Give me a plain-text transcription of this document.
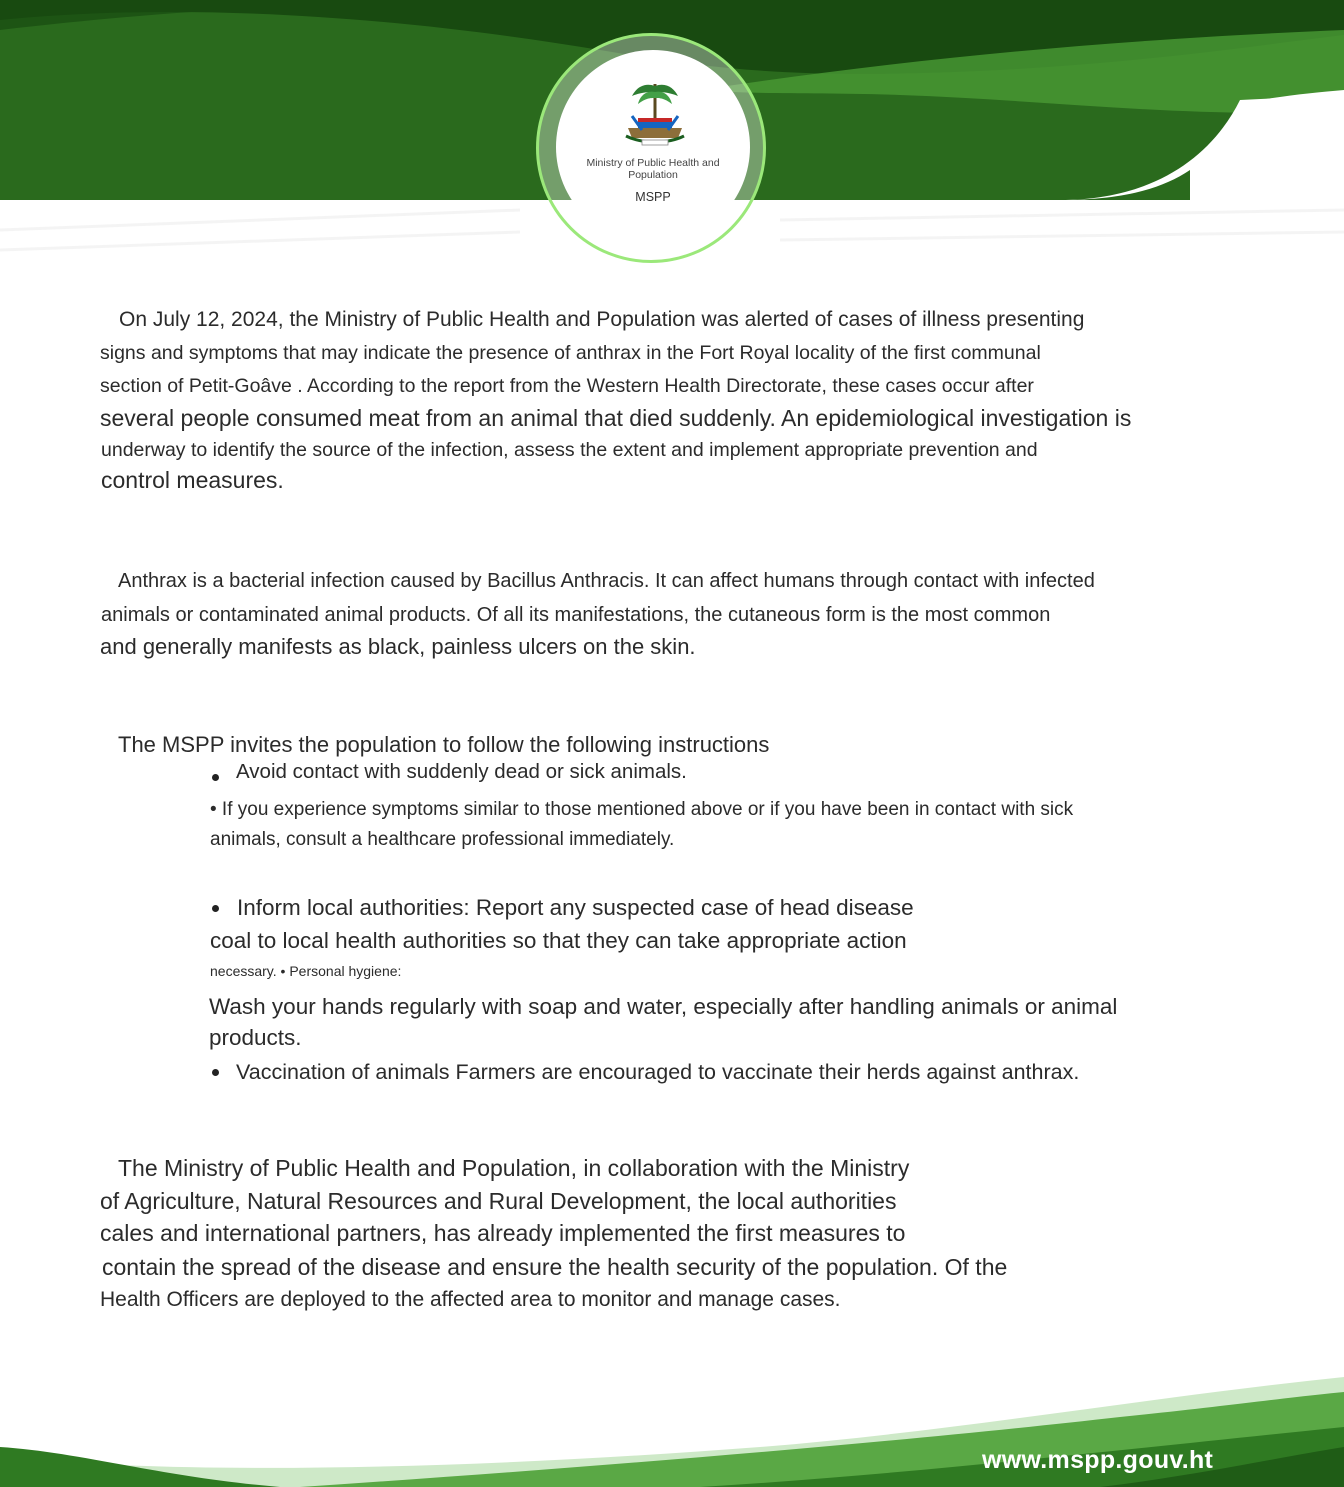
Ministry of Public Health and Population
MSPP
On July 12, 2024, the Ministry of Public Health and Population was alerted of cases of illness presenting
signs and symptoms that may indicate the presence of anthrax in the Fort Royal locality of the first communal
section of Petit-Goâve . According to the report from the Western Health Directorate, these cases occur after
several people consumed meat from an animal that died suddenly. An epidemiological investigation is
underway to identify the source of the infection, assess the extent and implement appropriate prevention and
control measures.
Anthrax is a bacterial infection caused by Bacillus Anthracis. It can affect humans through contact with infected
animals or contaminated animal products. Of all its manifestations, the cutaneous form is the most common
and generally manifests as black, painless ulcers on the skin.
The MSPP invites the population to follow the following instructions
Avoid contact with suddenly dead or sick animals.
• If you experience symptoms similar to those mentioned above or if you have been in contact with sick
animals, consult a healthcare professional immediately.
Inform local authorities: Report any suspected case of head disease
coal to local health authorities so that they can take appropriate action
necessary. • Personal hygiene:
Wash your hands regularly with soap and water, especially after handling animals or animal
products.
Vaccination of animals Farmers are encouraged to vaccinate their herds against anthrax.
The Ministry of Public Health and Population, in collaboration with the Ministry
of Agriculture, Natural Resources and Rural Development, the local authorities
cales and international partners, has already implemented the first measures to
contain the spread of the disease and ensure the health security of the population. Of the
Health Officers are deployed to the affected area to monitor and manage cases.
www.mspp.gouv.ht
